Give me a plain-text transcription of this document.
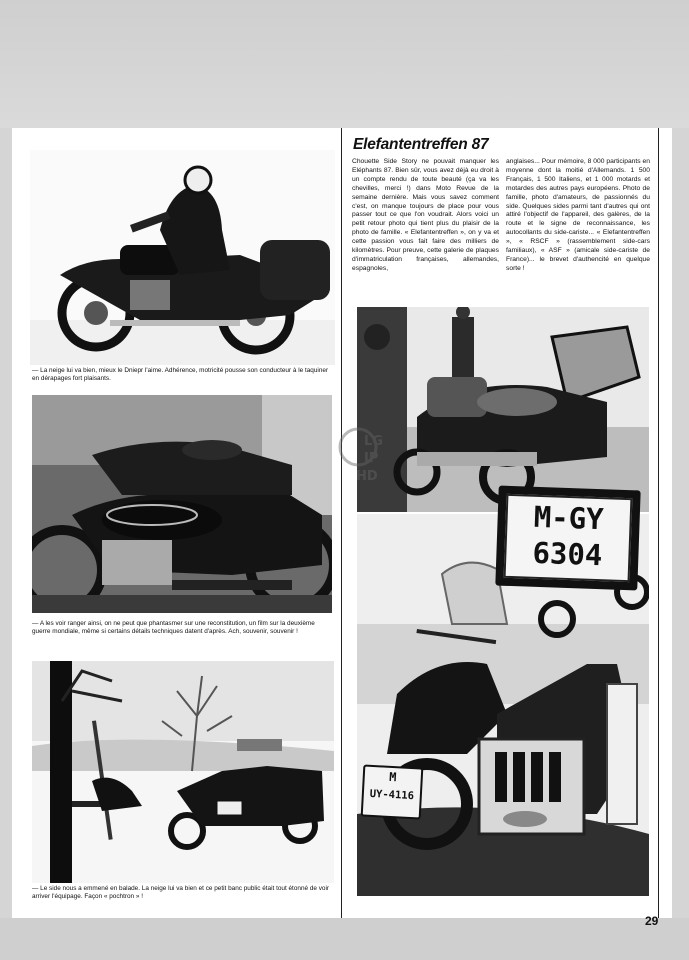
— La neige lui va bien, mieux le Dniepr l'aime. Adhérence, motricité pousse son conducteur à le taquiner en dérapages fort plaisants.
— A les voir ranger ainsi, on ne peut que phantasmer sur une reconstitution, un film sur la deuxième guerre mondiale, même si certains détails techniques datent d'après. Ach, souvenir, souvenir !
— Le side nous a emmené en balade. La neige lui va bien et ce petit banc public était tout étonné de voir arriver l'équipage. Façon « pochtron » !
Elefantentreffen 87
Chouette Side Story ne pouvait manquer les Eléphants 87. Bien sûr, vous avez déjà eu droit à un compte rendu de toute beauté (ça va les chevilles, merci !) dans Moto Revue de la semaine dernière. Mais vous savez comment c'est, on manque toujours de place pour vous passer tout ce que l'on voudrait. Alors voici un petit retour photo qui tient plus du plaisir de la photo de famille. « Elefantentreffen », on y va et cette passion vous fait faire des milliers de kilomètres. Pour preuve, cette galerie de plaques d'immatriculation françaises, allemandes, espagnoles,
anglaises... Pour mémoire, 8 000 participants en moyenne dont la moitié d'Allemands. 1 500 Français, 1 500 Italiens, et 1 000 motards et motardes des autres pays européens. Photo de famille, photo d'amateurs, de passionnés du side. Quelques sides parmi tant d'autres qui ont attiré l'objectif de l'appareil, des galères, de la route et le signe de reconnaissance, les autocollants du side-cariste... « Elefantentreffen », « RSCF » (rassemblement side-cars familiaux), « ASF » (amicale side-cariste de France)... le brevet d'authencité en quelque sorte !
LG
JP
HD
M-GY
6304
M
UY-4116
29
